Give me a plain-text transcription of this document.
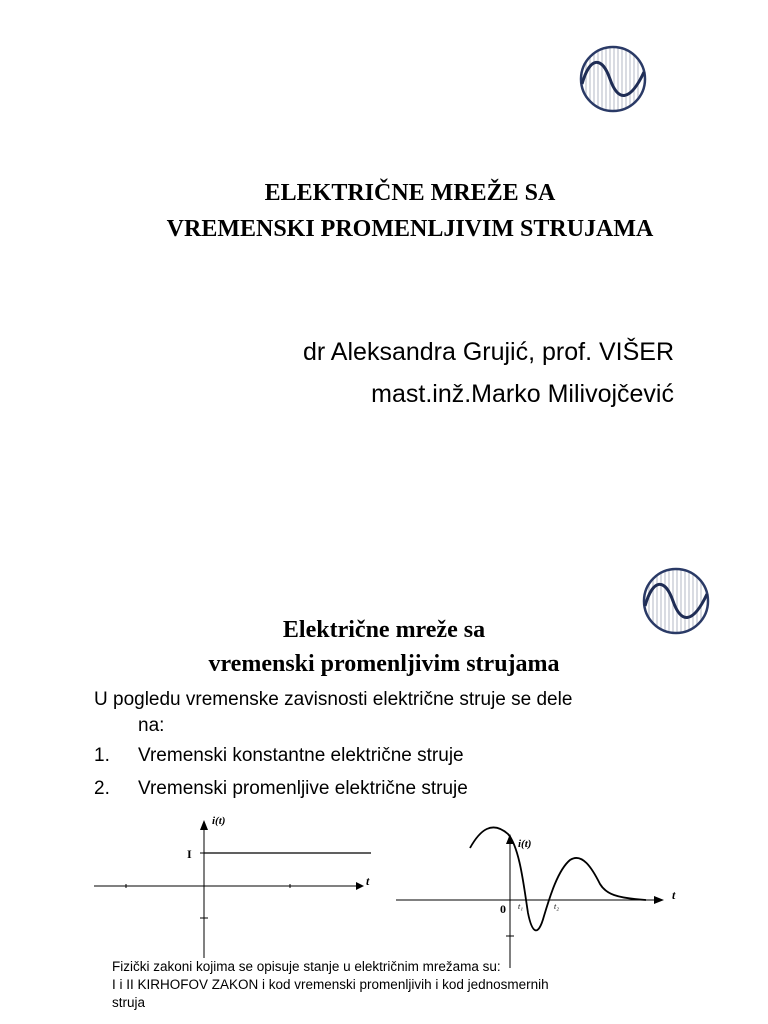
ELEKTRIČNE MREŽE SA
VREMENSKI PROMENLJIVIM STRUJAMA
dr Aleksandra Grujić, prof. VIŠER
mast.inž.Marko Milivojčević
Električne mreže sa
vremenski promenljivim strujama
U pogledu vremenske zavisnosti električne struje se dele
na:
1. Vremenski konstantne električne struje
2. Vremenski promenljive električne struje
i(t)
I
t
i(t)
0 t₁	t₂
t
Fizički zakoni kojima se opisuje stanje u električnim mrežama su:
I i II KIRHOFOV ZAKON i kod vremenski promenljivih i kod jednosmernih
struja
